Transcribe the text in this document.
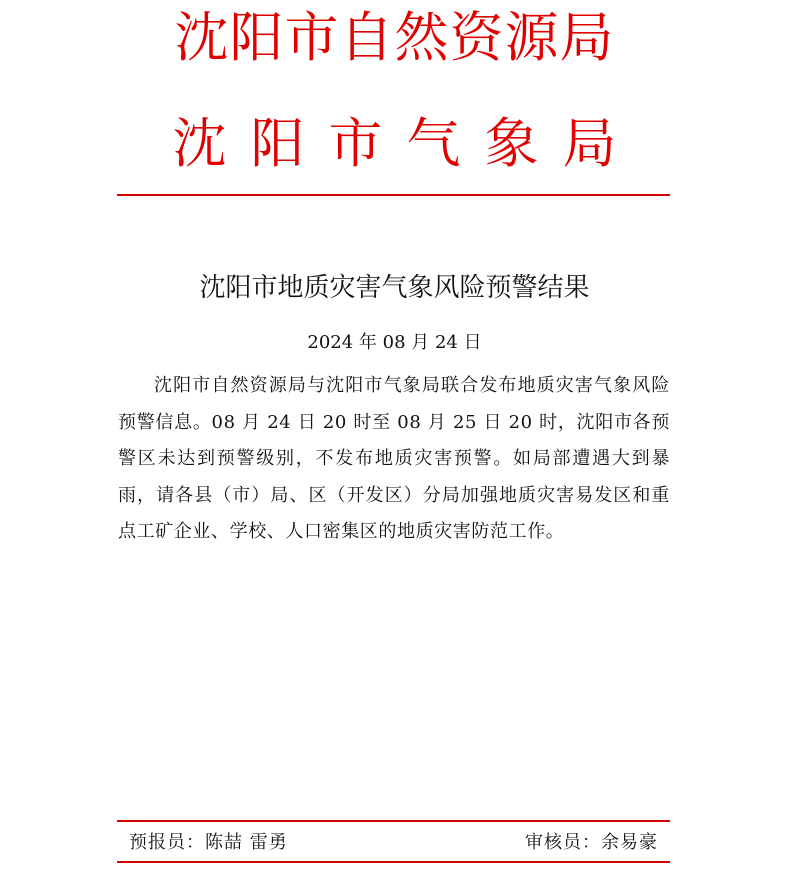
沈阳市自然资源局
沈阳市气象局
沈阳市地质灾害气象风险预警结果
2024 年 08 月 24 日

沈阳市自然资源局与沈阳市气象局联合发布地质灾害气象风险预警信息。08 月 24 日 20 时至 08 月 25 日 20 时，沈阳市各预警区未达到预警级别，不发布地质灾害预警。如局部遭遇大到暴雨，请各县（市）局、区（开发区）分局加强地质灾害易发区和重点工矿企业、学校、人口密集区的地质灾害防范工作。

预报员：陈喆 雷勇	审核员：余易豪
